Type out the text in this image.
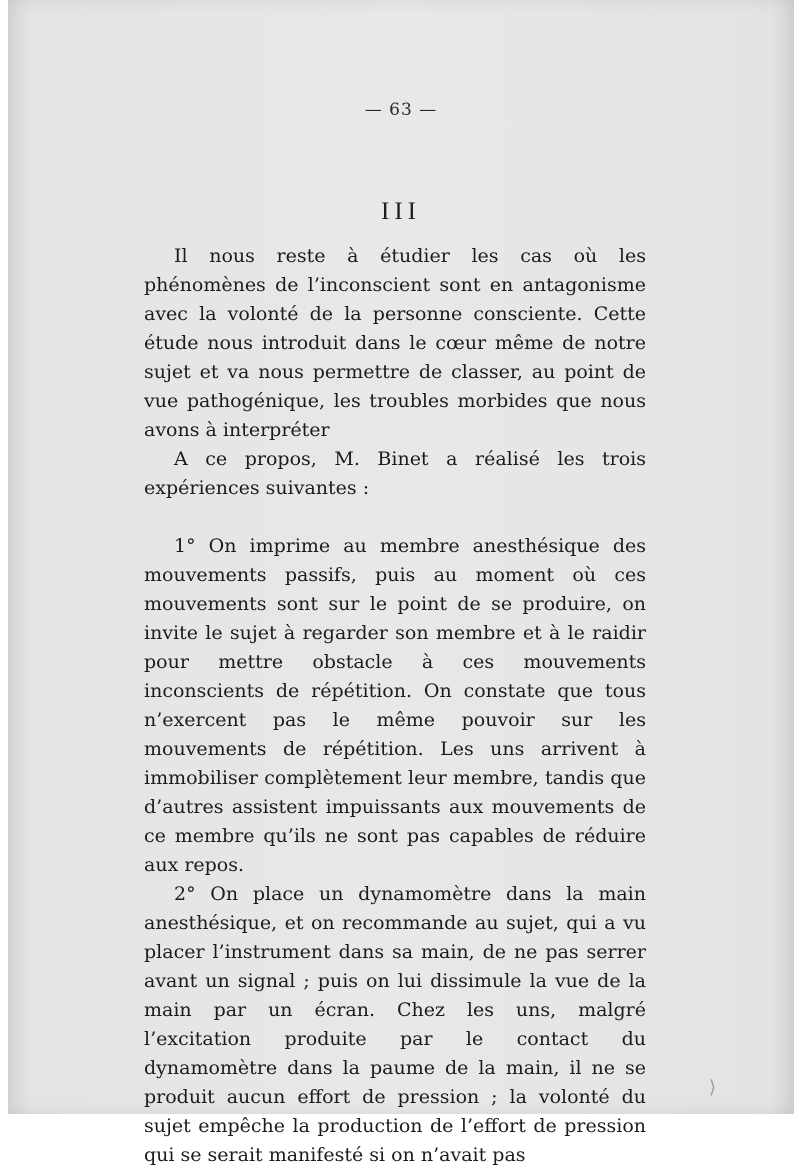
— 63 —
III

Il nous reste à étudier les cas où les phénomènes de l’inconscient sont en antagonisme avec la volonté de la personne consciente. Cette étude nous introduit dans le cœur même de notre sujet et va nous permettre de classer, au point de vue pathogénique, les troubles morbides que nous avons à interpréter

A ce propos, M. Binet a réalisé les trois expériences suivantes :

1° On imprime au membre anesthésique des mouvements passifs, puis au moment où ces mouvements sont sur le point de se produire, on invite le sujet à regarder son membre et à le raidir pour mettre obstacle à ces mouvements inconscients de répétition. On constate que tous n’exercent pas le même pouvoir sur les mouvements de répétition. Les uns arrivent à immobiliser complètement leur membre, tandis que d’autres assistent impuissants aux mouvements de ce membre qu’ils ne sont pas capables de réduire aux repos.

2° On place un dynamomètre dans la main anesthésique, et on recommande au sujet, qui a vu placer l’instrument dans sa main, de ne pas serrer avant un signal ; puis on lui dissimule la vue de la main par un écran. Chez les uns, malgré l’excitation produite par le contact du dynamomètre dans la paume de la main, il ne se produit aucun effort de pression ; la volonté du sujet empêche la production de l’effort de pression qui se serait manifesté si on n’avait pas

⟩
